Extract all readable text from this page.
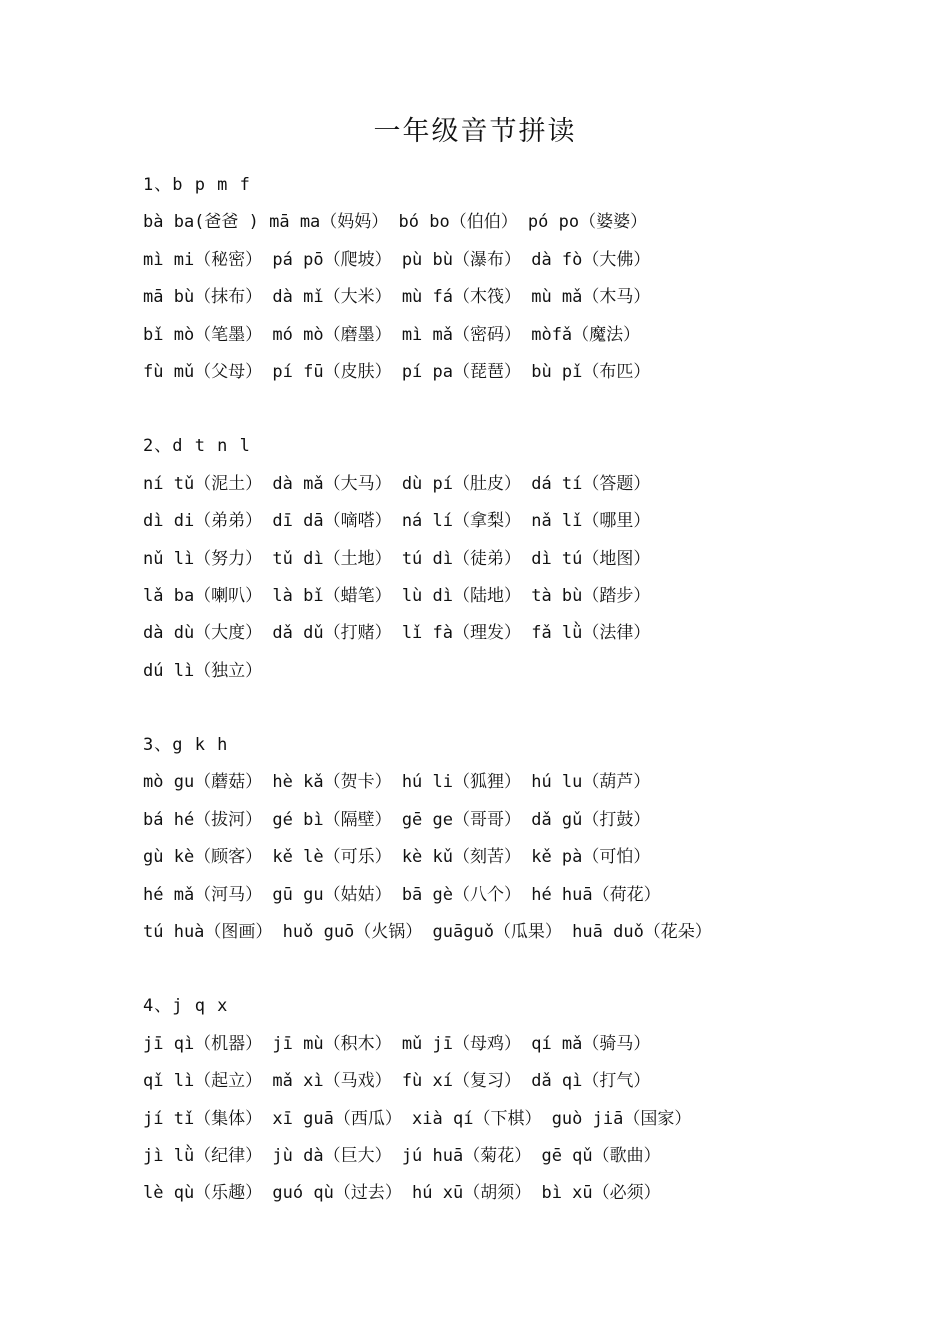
一年级音节拼读
1、b p m f
bà ba(爸爸 ) mā ma（妈妈） bó bo（伯伯） pó po（婆婆）
mì mi（秘密） pá pō（爬坡） pù bù（瀑布） dà fò（大佛）
mā bù（抹布） dà mǐ（大米） mù fá（木筏） mù mǎ（木马）
bǐ mò（笔墨） mó mò（磨墨） mì mǎ（密码） mòfǎ（魔法）
fù mǔ（父母） pí fū（皮肤） pí pa（琵琶） bù pǐ（布匹）
2、d t n l
ní tǔ（泥土） dà mǎ（大马） dù pí（肚皮） dá tí（答题）
dì di（弟弟） dī dā（嘀嗒） ná lí（拿梨） nǎ lǐ（哪里）
nǔ lì（努力） tǔ dì（土地） tú dì（徒弟） dì tú（地图）
lǎ ba（喇叭） là bǐ（蜡笔） lù dì（陆地） tà bù（踏步）
dà dù（大度） dǎ dǔ（打赌） lǐ fà（理发） fǎ lǜ（法律）
dú lì（独立）
3、g k h
mò gu（蘑菇） hè kǎ（贺卡） hú li（狐狸） hú lu（葫芦）
bá hé（拔河） gé bì（隔壁） gē ge（哥哥） dǎ gǔ（打鼓）
gù kè（顾客） kě lè（可乐） kè kǔ（刻苦） kě pà（可怕）
hé mǎ（河马） gū gu（姑姑） bā gè（八个） hé huā（荷花）
tú huà（图画） huǒ guō（火锅） guāguǒ（瓜果） huā duǒ（花朵）
4、j q x
jī qì（机器） jī mù（积木） mǔ jī（母鸡） qí mǎ（骑马）
qǐ lì（起立） mǎ xì（马戏） fù xí（复习） dǎ qì（打气）
jí tǐ（集体） xī guā（西瓜） xià qí（下棋） guò jiā（国家）
jì lǜ（纪律） jù dà（巨大） jú huā（菊花） gē qǔ（歌曲）
lè qù（乐趣） guó qù（过去） hú xū（胡须） bì xū（必须）
